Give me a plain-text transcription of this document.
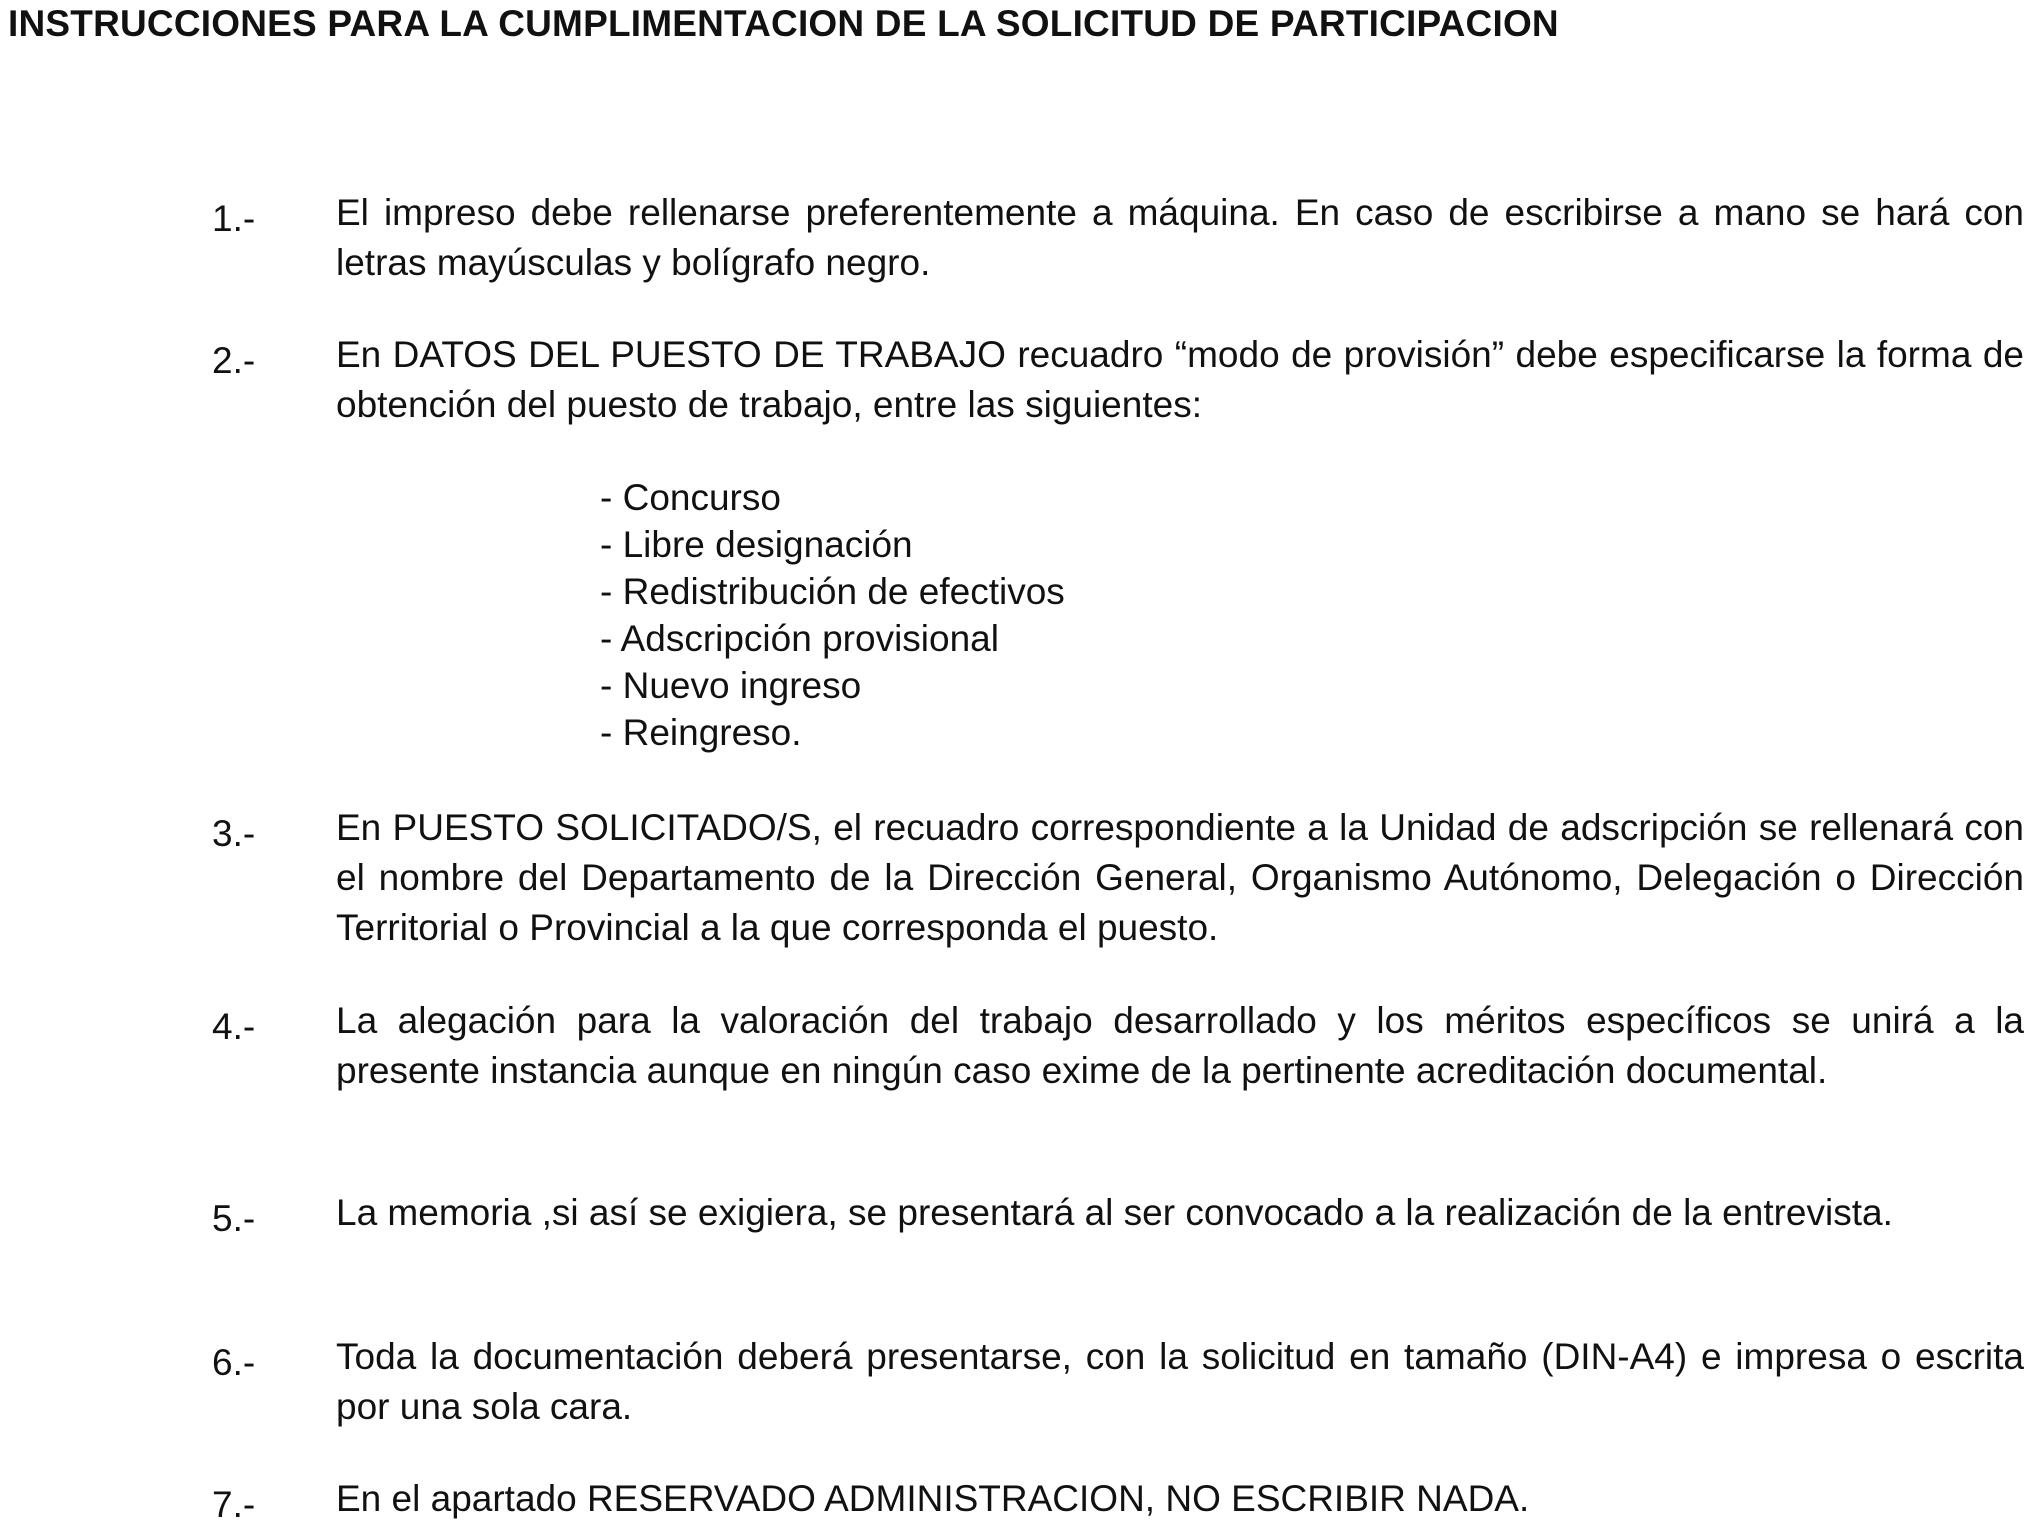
INSTRUCCIONES PARA LA CUMPLIMENTACION DE LA SOLICITUD DE PARTICIPACION
1.-	El impreso debe rellenarse preferentemente a máquina. En caso de escribirse a mano se hará con letras mayúsculas y bolígrafo negro.
2.-	En DATOS DEL PUESTO DE TRABAJO recuadro “modo de provisión” debe especificarse la forma de obtención del puesto de trabajo, entre las siguientes:
3.-	En PUESTO SOLICITADO/S, el recuadro correspondiente a la Unidad de adscripción se rellenará con el nombre del Departamento de la Dirección General, Organismo Autónomo, Delegación o Dirección Territorial o Provincial a la que corresponda el puesto.
4.-	La alegación para la valoración del trabajo desarrollado y los méritos específicos se unirá a la presente instancia aunque en ningún caso exime de la pertinente acreditación documental.
5.-	La memoria ,si así se exigiera, se presentará al ser convocado a la realización de la entrevista.
6.-	Toda la documentación deberá presentarse, con la solicitud en tamaño (DIN-A4) e impresa o escrita por una sola cara.
7.-	En el apartado RESERVADO ADMINISTRACION, NO ESCRIBIR NADA.
- Concurso
- Libre designación
- Redistribución de efectivos
- Adscripción provisional
- Nuevo ingreso
- Reingreso.
